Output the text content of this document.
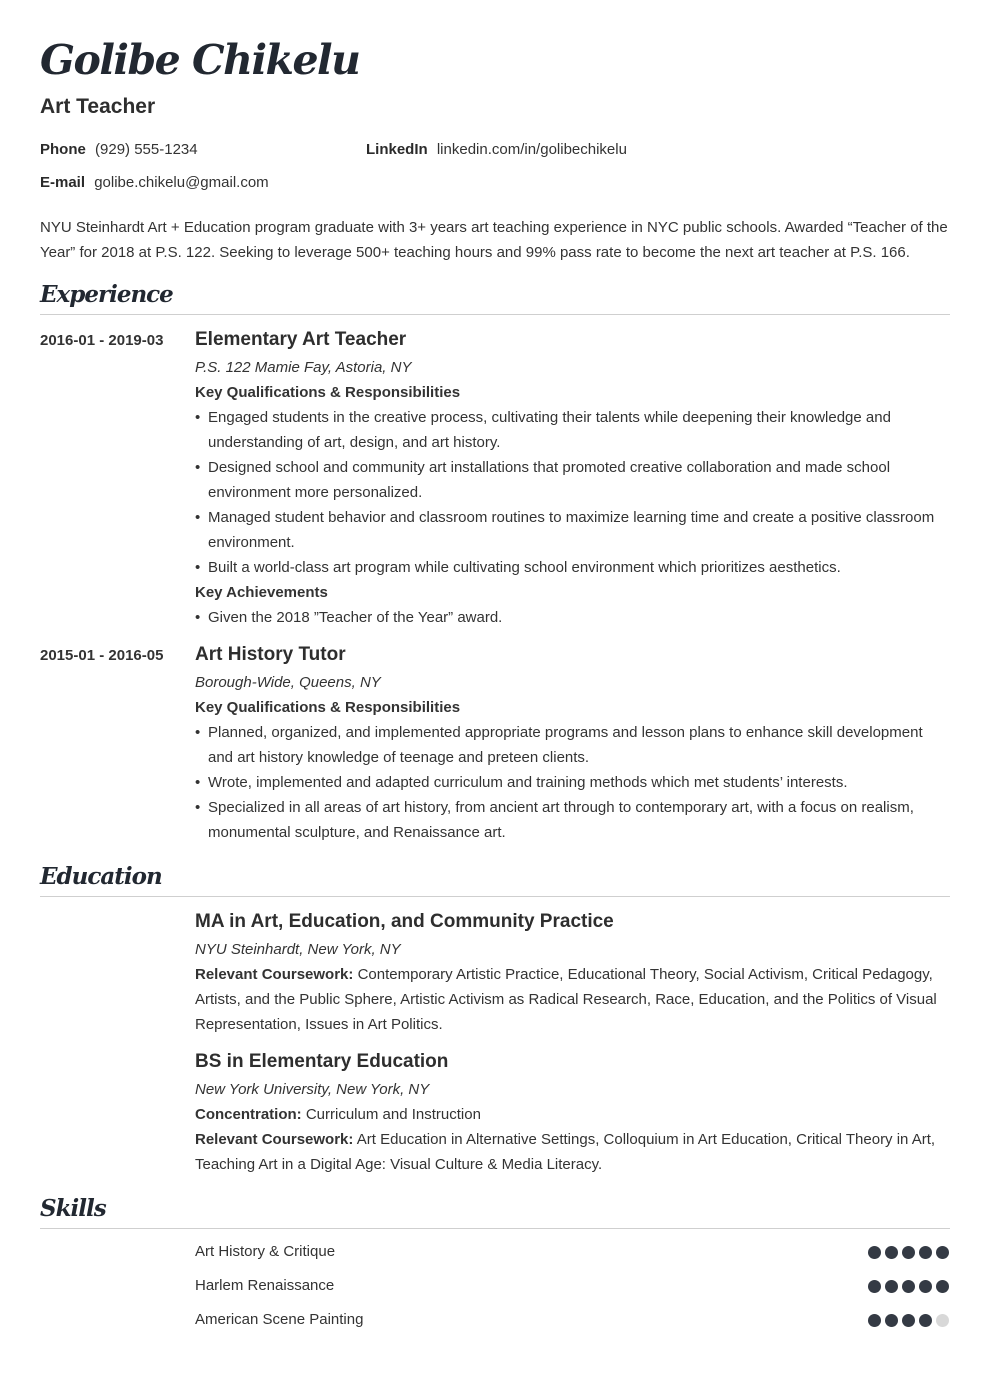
Golibe Chikelu
Art Teacher
Phone (929) 555-1234	LinkedIn linkedin.com/in/golibechikelu
E-mail golibe.chikelu@gmail.com
NYU Steinhardt Art + Education program graduate with 3+ years art teaching experience in NYC public schools. Awarded “Teacher of the Year” for 2018 at P.S. 122. Seeking to leverage 500+ teaching hours and 99% pass rate to become the next art teacher at P.S. 166.
Experience
2016-01 - 2019-03 Elementary Art Teacher
P.S. 122 Mamie Fay, Astoria, NY
Key Qualifications & Responsibilities
• Engaged students in the creative process, cultivating their talents while deepening their knowledge and understanding of art, design, and art history.
• Designed school and community art installations that promoted creative collaboration and made school environment more personalized.
• Managed student behavior and classroom routines to maximize learning time and create a positive classroom environment.
• Built a world-class art program while cultivating school environment which prioritizes aesthetics.
Key Achievements
• Given the 2018 ”Teacher of the Year” award.
2015-01 - 2016-05 Art History Tutor
Borough-Wide, Queens, NY
Key Qualifications & Responsibilities
• Planned, organized, and implemented appropriate programs and lesson plans to enhance skill development and art history knowledge of teenage and preteen clients.
• Wrote, implemented and adapted curriculum and training methods which met students’ interests.
• Specialized in all areas of art history, from ancient art through to contemporary art, with a focus on realism, monumental sculpture, and Renaissance art.
Education
MA in Art, Education, and Community Practice
NYU Steinhardt, New York, NY

Relevant Coursework: Contemporary Artistic Practice, Educational Theory, Social Activism, Critical Pedagogy, Artists, and the Public Sphere, Artistic Activism as Radical Research, Race, Education, and the Politics of Visual Representation, Issues in Art Politics.

BS in Elementary Education
New York University, New York, NY

Concentration: Curriculum and Instruction

Relevant Coursework: Art Education in Alternative Settings, Colloquium in Art Education, Critical Theory in Art, Teaching Art in a Digital Age: Visual Culture & Media Literacy.

Skills
Art History & Critique
Harlem Renaissance
American Scene Painting
